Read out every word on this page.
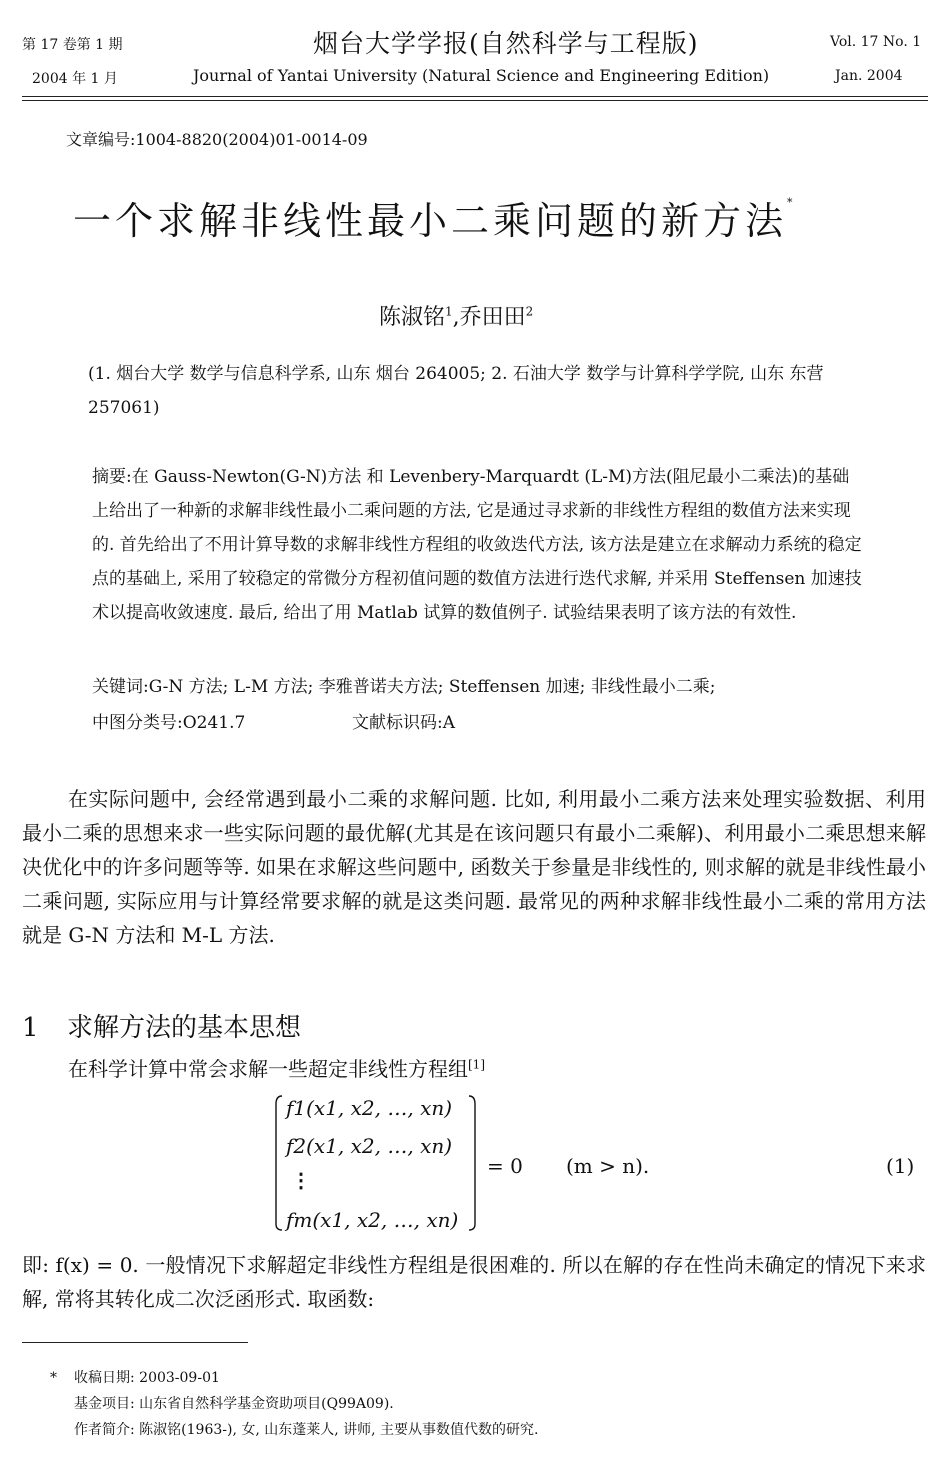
第 17 卷第 1 期
2004 年 1 月
烟台大学学报(自然科学与工程版)
Journal of Yantai University (Natural Science and Engineering Edition)
Vol. 17 No. 1
Jan. 2004
文章编号:1004-8820(2004)01-0014-09
一个求解非线性最小二乘问题的新方法*
陈淑铭$^1$,乔田田$^2$
(1. 烟台大学 数学与信息科学系, 山东 烟台 264005; 2. 石油大学 数学与计算科学学院, 山东 东营 257061)
摘要:在 Gauss-Newton(G-N)方法 和 Levenbery-Marquardt (L-M)方法(阻尼最小二乘法)的基础上给出了一种新的求解非线性最小二乘问题的方法, 它是通过寻求新的非线性方程组的数值方法来实现的. 首先给出了不用计算导数的求解非线性方程组的收敛迭代方法, 该方法是建立在求解动力系统的稳定点的基础上, 采用了较稳定的常微分方程初值问题的数值方法进行迭代求解, 并采用 Steffensen 加速技术以提高收敛速度. 最后, 给出了用 Matlab 试算的数值例子. 试验结果表明了该方法的有效性.
关键词:G-N 方法; L-M 方法; 李雅普诺夫方法; Steffensen 加速; 非线性最小二乘;
中图分类号:O241.7	文献标识码:A
在实际问题中, 会经常遇到最小二乘的求解问题. 比如, 利用最小二乘方法来处理实验数据、利用最小二乘的思想来求一些实际问题的最优解(尤其是在该问题只有最小二乘解)、利用最小二乘思想来解决优化中的许多问题等等. 如果在求解这些问题中, 函数关于参量是非线性的, 则求解的就是非线性最小二乘问题, 实际应用与计算经常要求解的就是这类问题. 最常见的两种求解非线性最小二乘的常用方法就是 G-N 方法和 M-L 方法.
1 求解方法的基本思想
在科学计算中常会求解一些超定非线性方程组[1]
f1(x1, x2, …, xn)
f2(x1, x2, …, xn)
⋮
fm(x1, x2, …, xn)
= 0 (m > n).	(1)
即: f(x) = 0. 一般情况下求解超定非线性方程组是很困难的. 所以在解的存在性尚未确定的情况下来求解, 常将其转化成二次泛函形式. 取函数:
* 收稿日期: 2003-09-01
基金项目: 山东省自然科学基金资助项目(Q99A09).
作者简介: 陈淑铭(1963-), 女, 山东蓬莱人, 讲师, 主要从事数值代数的研究.
